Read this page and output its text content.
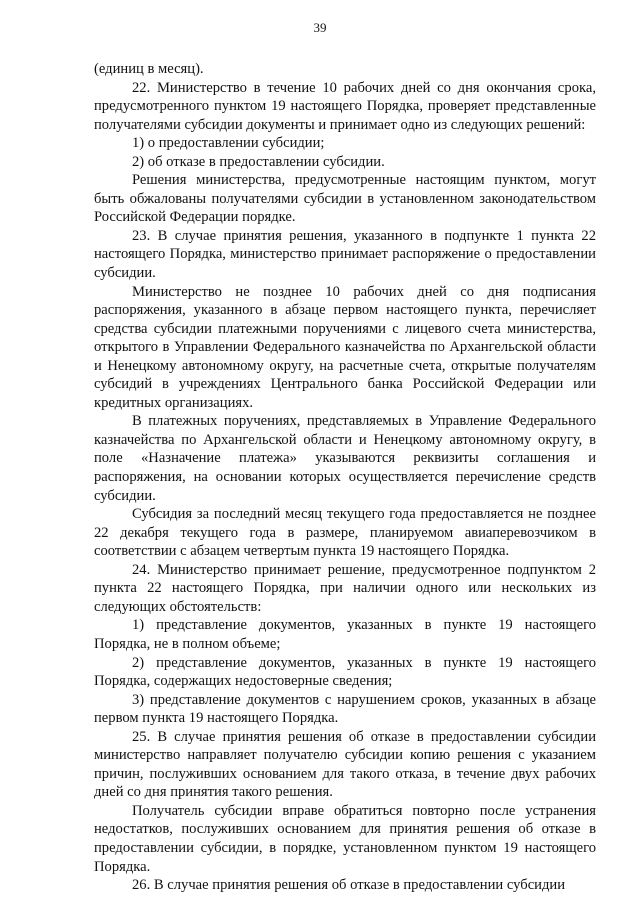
39

(единиц в месяц).

22. Министерство в течение 10 рабочих дней со дня окончания срока, предусмотренного пунктом 19 настоящего Порядка, проверяет представленные получателями субсидии документы и принимает одно из следующих решений:

1) о предоставлении субсидии;

2) об отказе в предоставлении субсидии.

Решения министерства, предусмотренные настоящим пунктом, могут быть обжалованы получателями субсидии в установленном законодательством Российской Федерации порядке.

23. В случае принятия решения, указанного в подпункте 1 пункта 22 настоящего Порядка, министерство принимает распоряжение о предоставлении субсидии.

Министерство не позднее 10 рабочих дней со дня подписания распоряжения, указанного в абзаце первом настоящего пункта, перечисляет средства субсидии платежными поручениями с лицевого счета министерства, открытого в Управлении Федерального казначейства по Архангельской области и Ненецкому автономному округу, на расчетные счета, открытые получателям субсидий в учреждениях Центрального банка Российской Федерации или кредитных организациях.

В платежных поручениях, представляемых в Управление Федерального казначейства по Архангельской области и Ненецкому автономному округу, в поле «Назначение платежа» указываются реквизиты соглашения и распоряжения, на основании которых осуществляется перечисление средств субсидии.

Субсидия за последний месяц текущего года предоставляется не позднее 22 декабря текущего года в размере, планируемом авиаперевозчиком в соответствии с абзацем четвертым пункта 19 настоящего Порядка.

24. Министерство принимает решение, предусмотренное подпунктом 2 пункта 22 настоящего Порядка, при наличии одного или нескольких из следующих обстоятельств:

1) представление документов, указанных в пункте 19 настоящего Порядка, не в полном объеме;

2) представление документов, указанных в пункте 19 настоящего Порядка, содержащих недостоверные сведения;

3) представление документов с нарушением сроков, указанных в абзаце первом пункта 19 настоящего Порядка.

25. В случае принятия решения об отказе в предоставлении субсидии министерство направляет получателю субсидии копию решения с указанием причин, послуживших основанием для такого отказа, в течение двух рабочих дней со дня принятия такого решения.

Получатель субсидии вправе обратиться повторно после устранения недостатков, послуживших основанием для принятия решения об отказе в предоставлении субсидии, в порядке, установленном пунктом 19 настоящего Порядка.

26. В случае принятия решения об отказе в предоставлении субсидии
